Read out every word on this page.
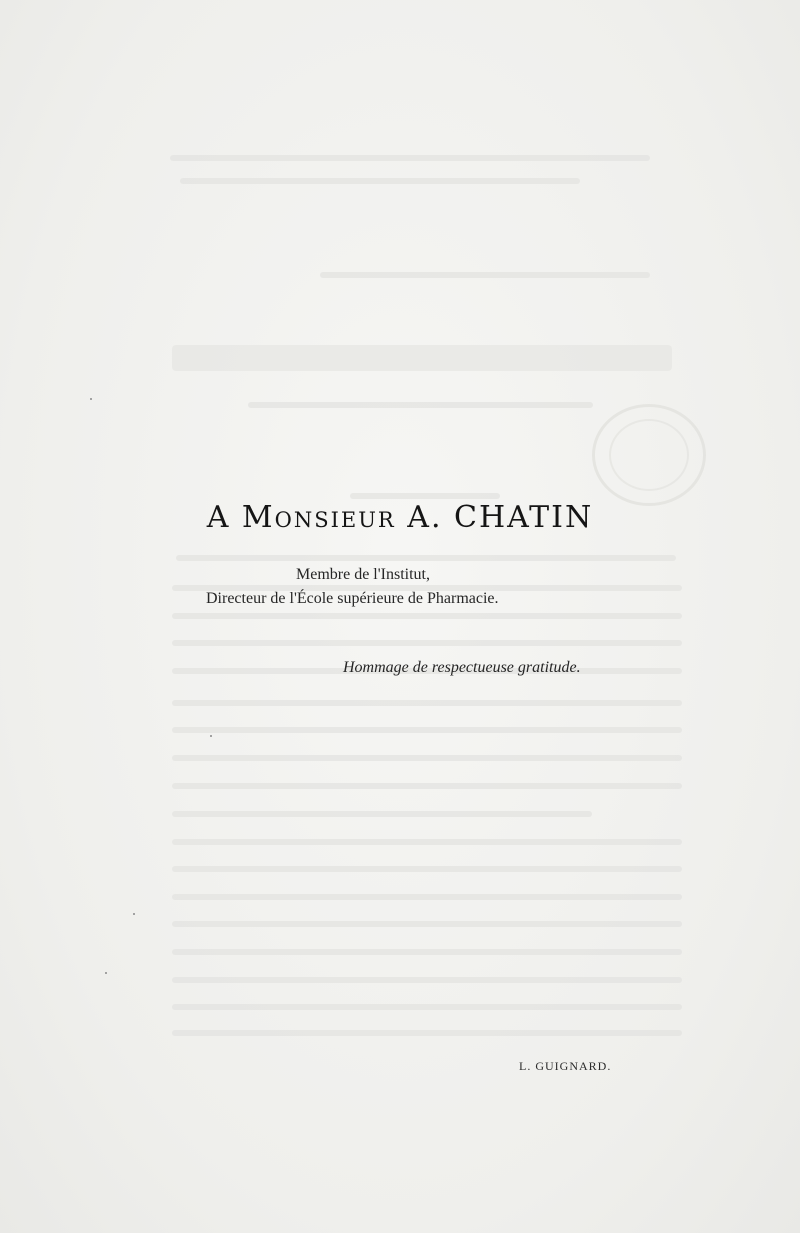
A Monsieur A. CHATIN
Membre de l'Institut,
Directeur de l'École supérieure de Pharmacie.
Hommage de respectueuse gratitude.
L. GUIGNARD.
